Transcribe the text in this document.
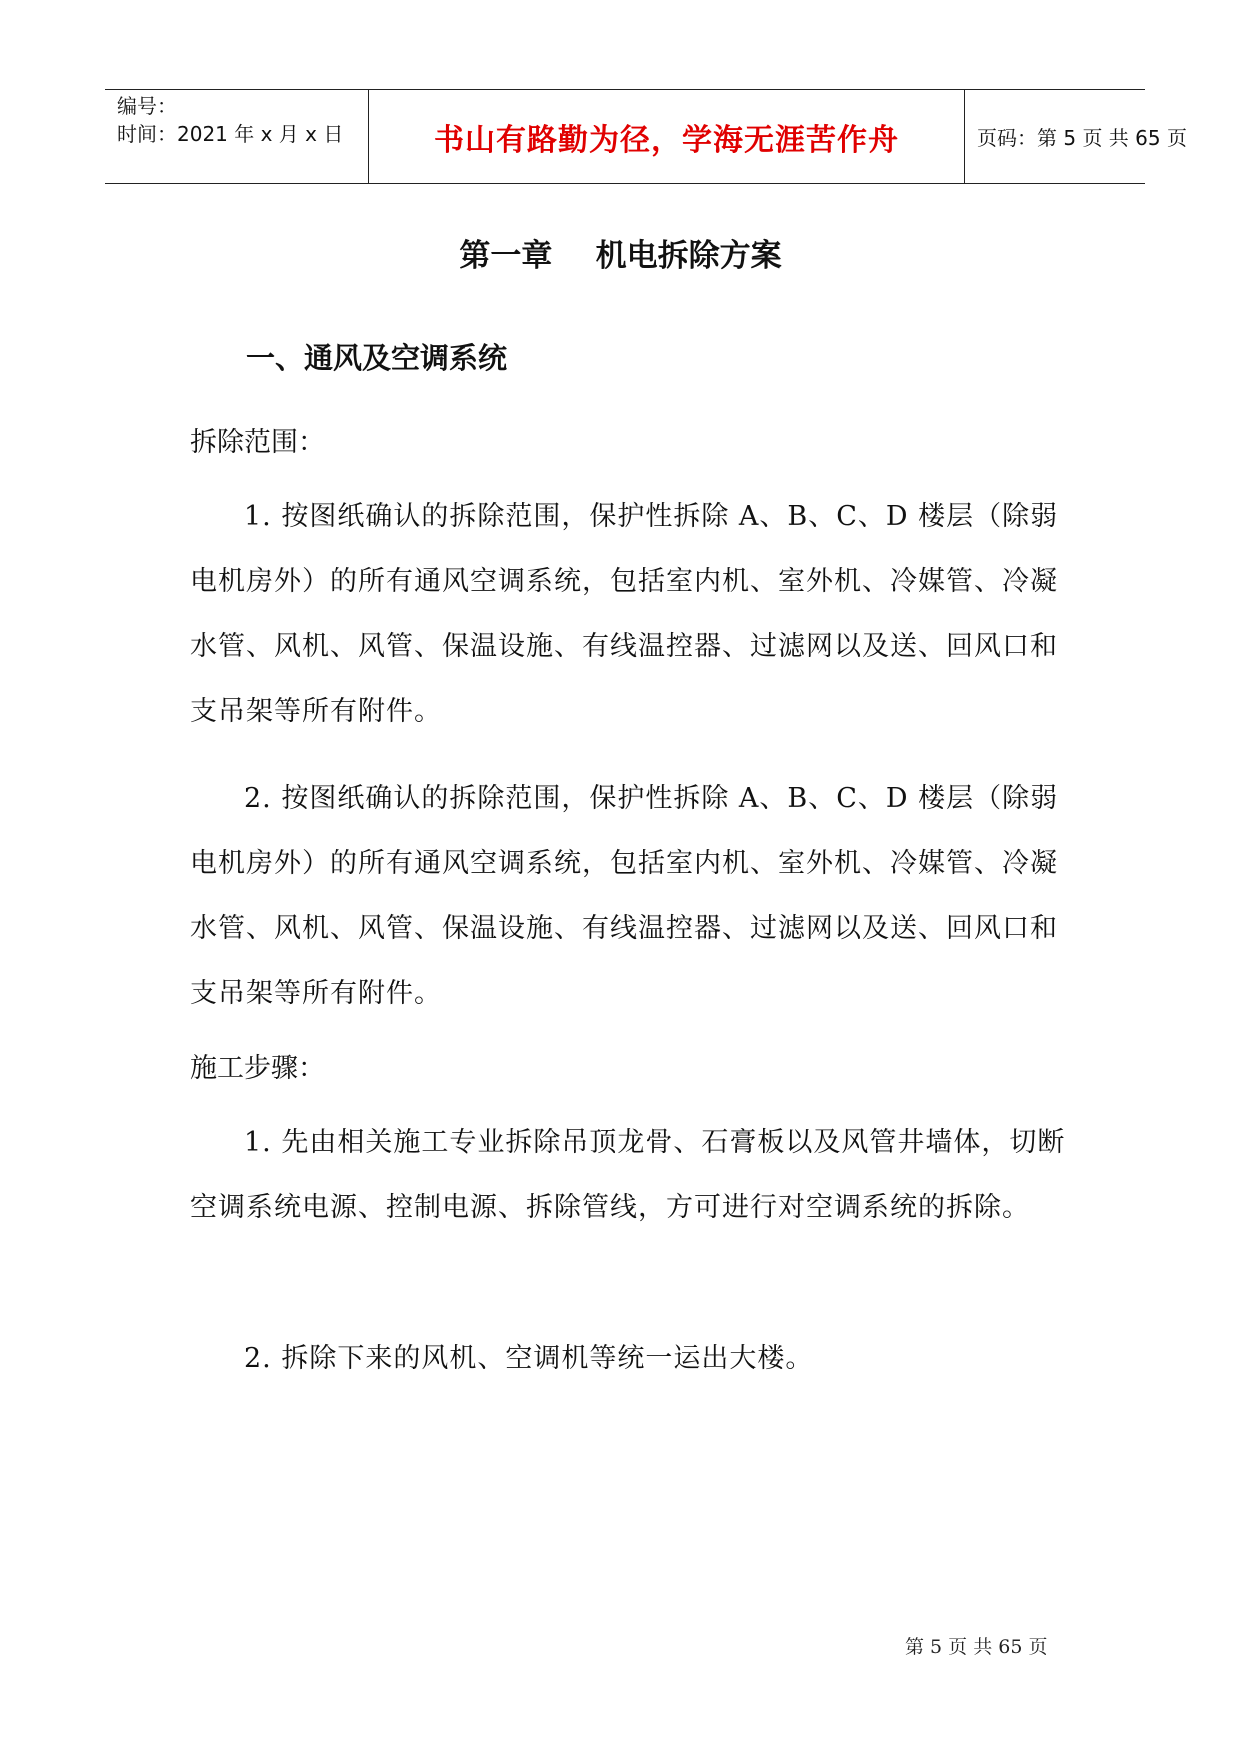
编号：
时间：2021 年 x 月 x 日	书山有路勤为径，学海无涯苦作舟	页码：第 5 页 共 65 页
第一章    机电拆除方案
一、通风及空调系统
拆除范围：
1. 按图纸确认的拆除范围，保护性拆除 A、B、C、D 楼层（除弱电机房外）的所有通风空调系统，包括室内机、室外机、冷媒管、冷凝水管、风机、风管、保温设施、有线温控器、过滤网以及送、回风口和支吊架等所有附件。
2. 按图纸确认的拆除范围，保护性拆除 A、B、C、D 楼层（除弱电机房外）的所有通风空调系统，包括室内机、室外机、冷媒管、冷凝水管、风机、风管、保温设施、有线温控器、过滤网以及送、回风口和支吊架等所有附件。
施工步骤：
1. 先由相关施工专业拆除吊顶龙骨、石膏板以及风管井墙体，切断空调系统电源、控制电源、拆除管线，方可进行对空调系统的拆除。
2. 拆除下来的风机、空调机等统一运出大楼。
第 5 页 共 65 页
